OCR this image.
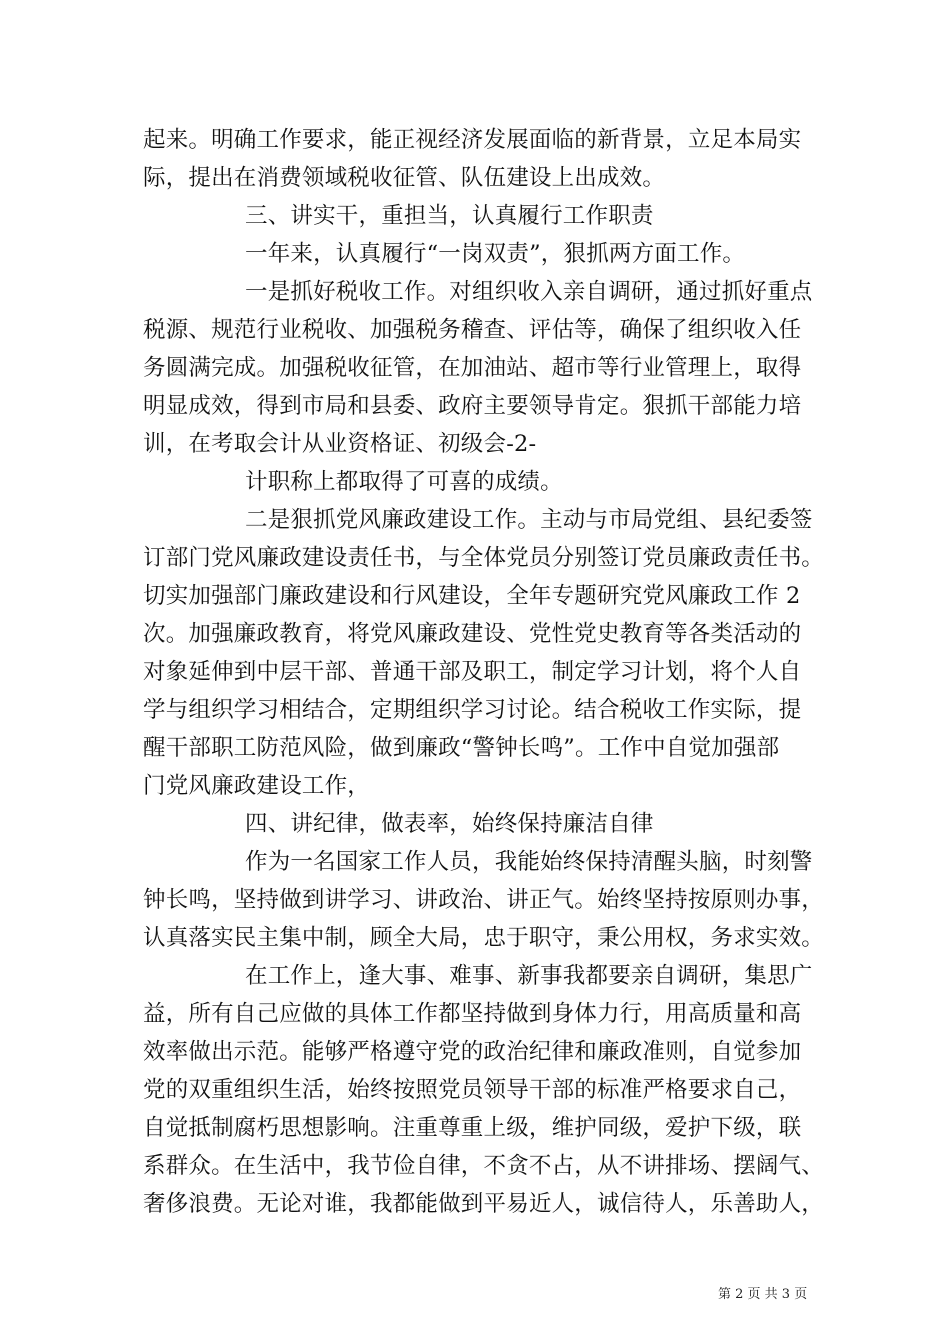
起来。明确工作要求，能正视经济发展面临的新背景，立足本局实
际，提出在消费领域税收征管、队伍建设上出成效。
三、讲实干，重担当，认真履行工作职责
一年来，认真履行“一岗双责”，狠抓两方面工作。
一是抓好税收工作。对组织收入亲自调研，通过抓好重点
税源、规范行业税收、加强税务稽查、评估等，确保了组织收入任
务圆满完成。加强税收征管，在加油站、超市等行业管理上，取得
明显成效，得到市局和县委、政府主要领导肯定。狠抓干部能力培
训，在考取会计从业资格证、初级会-2-
计职称上都取得了可喜的成绩。
二是狠抓党风廉政建设工作。主动与市局党组、县纪委签
订部门党风廉政建设责任书，与全体党员分别签订党员廉政责任书。
切实加强部门廉政建设和行风建设，全年专题研究党风廉政工作 2
次。加强廉政教育，将党风廉政建设、党性党史教育等各类活动的
对象延伸到中层干部、普通干部及职工，制定学习计划，将个人自
学与组织学习相结合，定期组织学习讨论。结合税收工作实际，提
醒干部职工防范风险，做到廉政“警钟长鸣”。工作中自觉加强部
门党风廉政建设工作，
四、讲纪律，做表率，始终保持廉洁自律
作为一名国家工作人员，我能始终保持清醒头脑，时刻警
钟长鸣，坚持做到讲学习、讲政治、讲正气。始终坚持按原则办事，
认真落实民主集中制，顾全大局，忠于职守，秉公用权，务求实效。
在工作上，逢大事、难事、新事我都要亲自调研，集思广
益，所有自己应做的具体工作都坚持做到身体力行，用高质量和高
效率做出示范。能够严格遵守党的政治纪律和廉政准则，自觉参加
党的双重组织生活，始终按照党员领导干部的标准严格要求自己，
自觉抵制腐朽思想影响。注重尊重上级，维护同级，爱护下级，联
系群众。在生活中，我节俭自律，不贪不占，从不讲排场、摆阔气、
奢侈浪费。无论对谁，我都能做到平易近人，诚信待人，乐善助人，
第 2 页 共 3 页
